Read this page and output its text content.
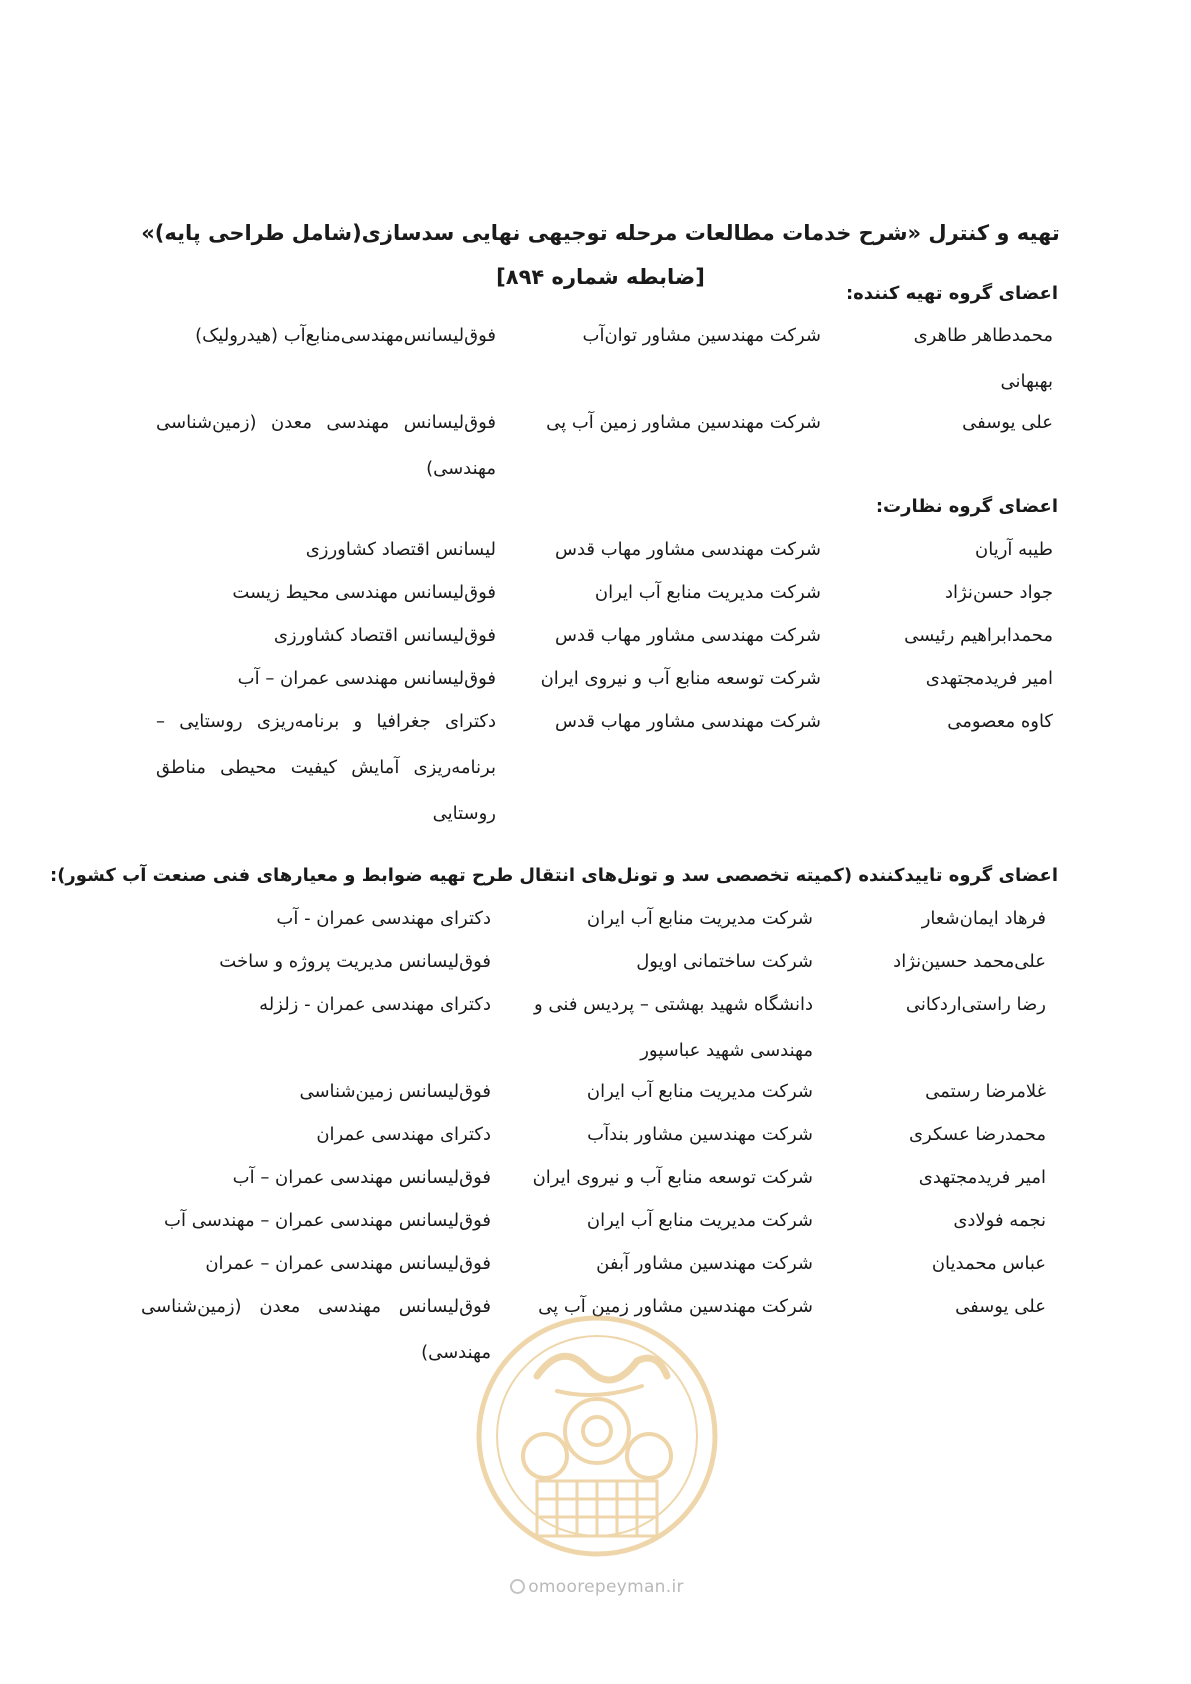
تهیه و کنترل «شرح خدمات مطالعات مرحله توجیهی نهایی سدسازی(شامل طراحی پایه)»
[ضابطه شماره ۸۹۴]
اعضای گروه تهیه کننده:
محمدطاهر طاهری بهبهانی
شرکت مهندسین مشاور توان‌آب
فوق‌لیسانس‌مهندسی‌منابع‌آب (هیدرولیک)
علی یوسفی
شرکت مهندسین مشاور زمین آب پی
فوق‌لیسانس مهندسی معدن (زمین‌شناسی مهندسی)
اعضای گروه نظارت:
طیبه آریان
شرکت مهندسی مشاور مهاب قدس
لیسانس اقتصاد کشاورزی
جواد حسن‌نژاد
شرکت مدیریت منابع آب ایران
فوق‌لیسانس مهندسی محیط زیست
محمدابراهیم رئیسی
شرکت مهندسی مشاور مهاب قدس
فوق‌لیسانس اقتصاد کشاورزی
امیر فریدمجتهدی
شرکت توسعه منابع آب و نیروی ایران
فوق‌لیسانس مهندسی عمران – آب
کاوه معصومی
شرکت مهندسی مشاور مهاب قدس
دکترای جغرافیا و برنامه‌ریزی روستایی – برنامه‌ریزی آمایش کیفیت محیطی مناطق روستایی
اعضای گروه تاییدکننده (کمیته تخصصی سد و تونل‌های انتقال طرح تهیه ضوابط و معیارهای فنی صنعت آب کشور):
فرهاد ایمان‌شعار
شرکت مدیریت منابع آب ایران
دکترای مهندسی عمران - آب
علی‌محمد حسین‌نژاد
شرکت ساختمانی اویول
فوق‌لیسانس مدیریت پروژه و ساخت
رضا راستی‌اردکانی
دانشگاه شهید بهشتی – پردیس فنی و مهندسی شهید عباسپور
دکترای مهندسی عمران - زلزله
غلامرضا رستمی
شرکت مدیریت منابع آب ایران
فوق‌لیسانس زمین‌شناسی
محمدرضا عسکری
شرکت مهندسین مشاور بندآب
دکترای مهندسی عمران
امیر فریدمجتهدی
شرکت توسعه منابع آب و نیروی ایران
فوق‌لیسانس مهندسی عمران – آب
نجمه فولادی
شرکت مدیریت منابع آب ایران
فوق‌لیسانس مهندسی عمران – مهندسی آب
عباس محمدیان
شرکت مهندسین مشاور آبفن
فوق‌لیسانس مهندسی عمران – عمران
علی یوسفی
شرکت مهندسین مشاور زمین آب پی
فوق‌لیسانس مهندسی معدن (زمین‌شناسی مهندسی)
omoorepeyman.ir
